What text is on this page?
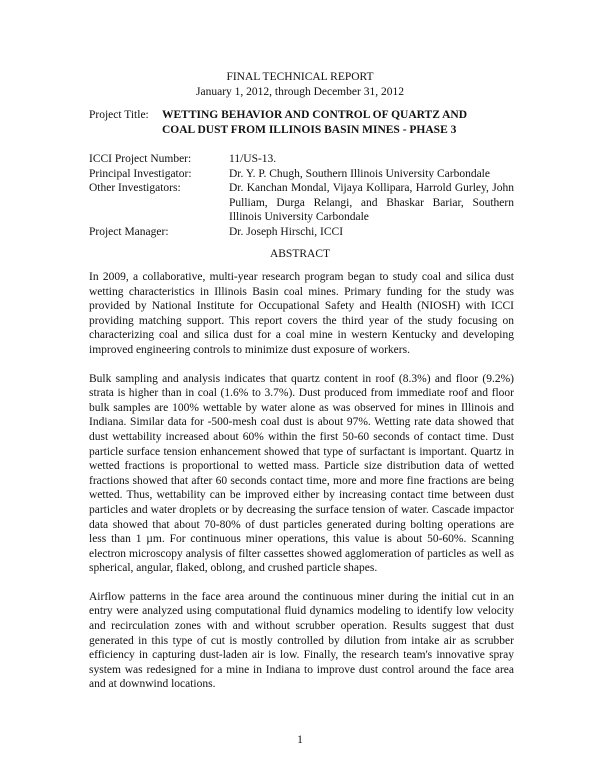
FINAL TECHNICAL REPORT
January 1, 2012, through December 31, 2012
Project Title: WETTING BEHAVIOR AND CONTROL OF QUARTZ AND
COAL DUST FROM ILLINOIS BASIN MINES - PHASE 3
ICCI Project Number:	11/US-13.
Principal Investigator:	Dr. Y. P. Chugh, Southern Illinois University Carbondale
Other Investigators:	Dr. Kanchan Mondal, Vijaya Kollipara, Harrold Gurley, John Pulliam, Durga Relangi, and Bhaskar Bariar, Southern Illinois University Carbondale
Project Manager:	Dr. Joseph Hirschi, ICCI
ABSTRACT

In 2009, a collaborative, multi-year research program began to study coal and silica dust wetting characteristics in Illinois Basin coal mines. Primary funding for the study was provided by National Institute for Occupational Safety and Health (NIOSH) with ICCI providing matching support. This report covers the third year of the study focusing on characterizing coal and silica dust for a coal mine in western Kentucky and developing improved engineering controls to minimize dust exposure of workers.

Bulk sampling and analysis indicates that quartz content in roof (8.3%) and floor (9.2%) strata is higher than in coal (1.6% to 3.7%). Dust produced from immediate roof and floor bulk samples are 100% wettable by water alone as was observed for mines in Illinois and Indiana. Similar data for -500-mesh coal dust is about 97%. Wetting rate data showed that dust wettability increased about 60% within the first 50-60 seconds of contact time. Dust particle surface tension enhancement showed that type of surfactant is important. Quartz in wetted fractions is proportional to wetted mass. Particle size distribution data of wetted fractions showed that after 60 seconds contact time, more and more fine fractions are being wetted. Thus, wettability can be improved either by increasing contact time between dust particles and water droplets or by decreasing the surface tension of water. Cascade impactor data showed that about 70-80% of dust particles generated during bolting operations are less than 1 µm. For continuous miner operations, this value is about 50-60%. Scanning electron microscopy analysis of filter cassettes showed agglomeration of particles as well as spherical, angular, flaked, oblong, and crushed particle shapes.

Airflow patterns in the face area around the continuous miner during the initial cut in an entry were analyzed using computational fluid dynamics modeling to identify low velocity and recirculation zones with and without scrubber operation. Results suggest that dust generated in this type of cut is mostly controlled by dilution from intake air as scrubber efficiency in capturing dust-laden air is low. Finally, the research team's innovative spray system was redesigned for a mine in Indiana to improve dust control around the face area and at downwind locations.

1
